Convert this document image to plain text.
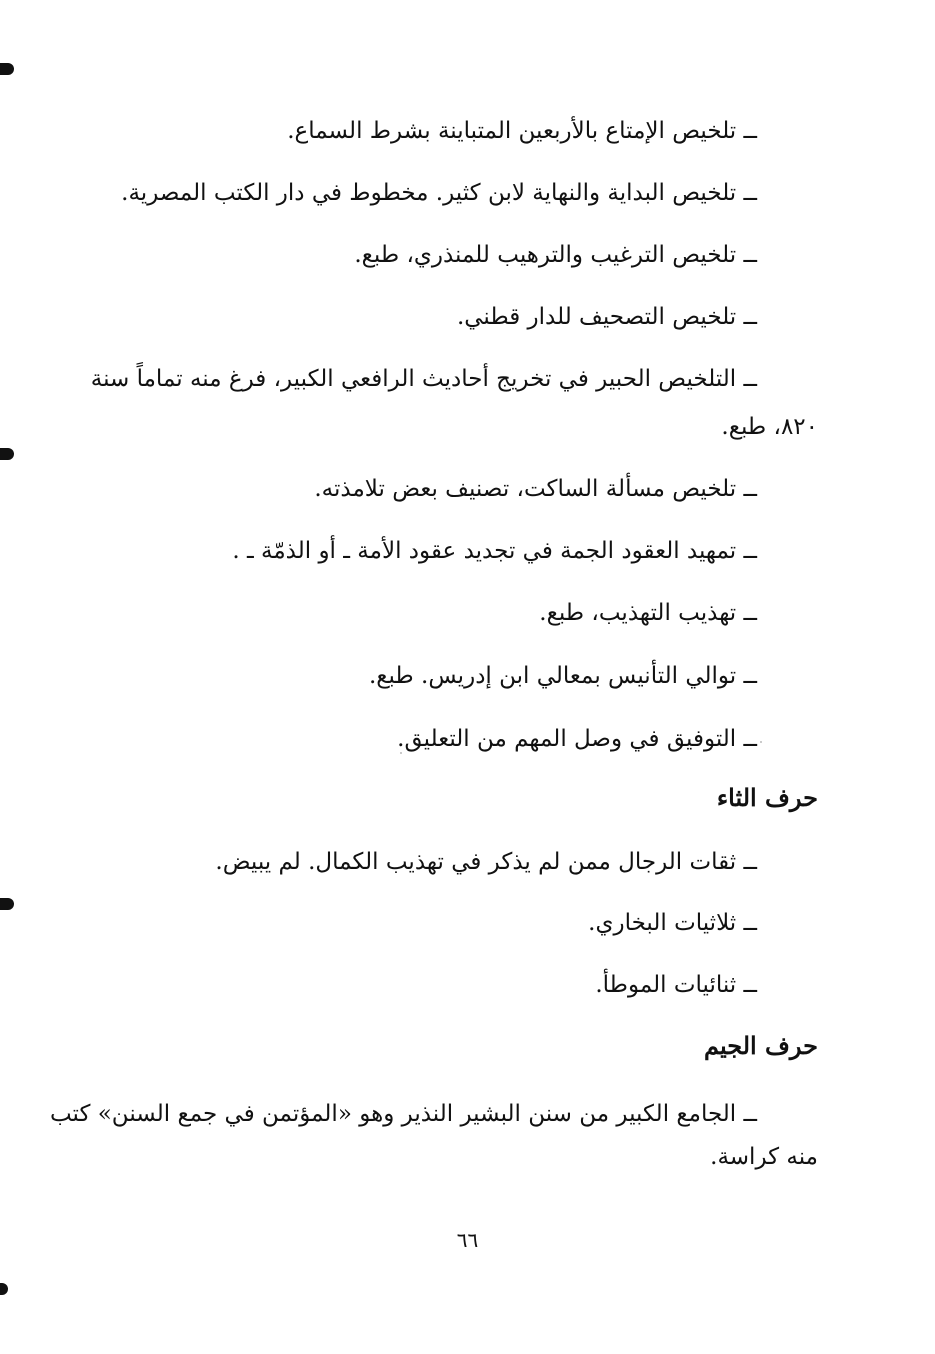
ــ تلخيص الإمتاع بالأربعين المتباينة بشرط السماع.
ــ تلخيص البداية والنهاية لابن كثير. مخطوط في دار الكتب المصرية.
ــ تلخيص الترغيب والترهيب للمنذري، طبع.
ــ تلخيص التصحيف للدار قطني.
ــ التلخيص الحبير في تخريج أحاديث الرافعي الكبير، فرغ منه تماماً سنة
٨٢٠، طبع.
ــ تلخيص مسألة الساكت، تصنيف بعض تلامذته.
ــ تمهيد العقود الجمة في تجديد عقود الأمة ـ أو الذمّة ـ .
ــ تهذيب التهذيب، طبع.
ــ توالي التأنيس بمعالي ابن إدريس. طبع.
ــ التوفيق في وصل المهم من التعليق.
حرف الثاء
ــ ثقات الرجال ممن لم يذكر في تهذيب الكمال. لم يبيض.
ــ ثلاثيات البخاري.
ــ ثنائيات الموطأ.
حرف الجيم
ــ الجامع الكبير من سنن البشير النذير وهو «المؤتمن في جمع السنن» كتب
منه كراسة.
٦٦
